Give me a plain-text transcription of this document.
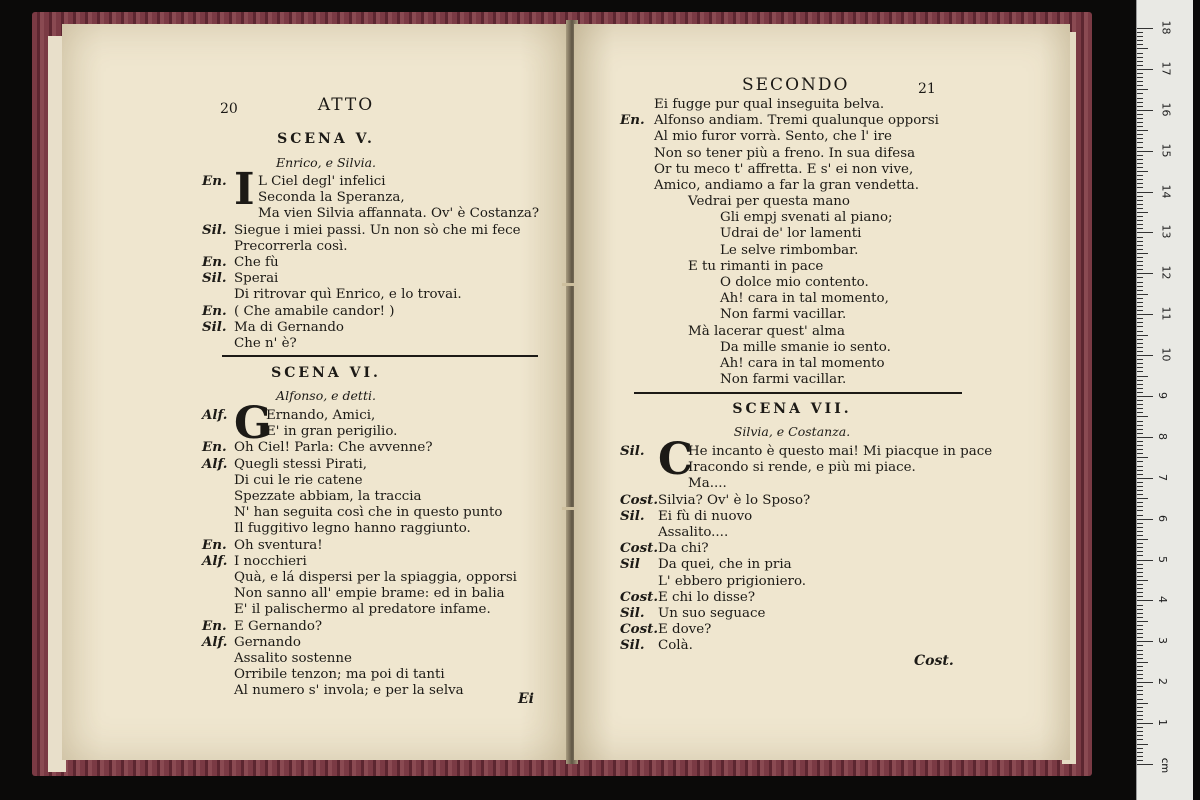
20	ATTO
SCENA V.
Enrico, e Silvia.
SCENA VI.
Alfonso, e detti.
Ei
En. I L Ciel degl' infelici
Seconda la Speranza,
Ma vien Silvia affannata. Ov' è Costanza?
Sil. Siegue i miei passi. Un non sò che mi fece
Precorrerla così.
En. Che fù
Sil. Sperai
Di ritrovar quì Enrico, e lo trovai.
En. ( Che amabile candor! )
Sil. Ma di Gernando
Che n' è?
Alf. G
Ernando, Amici,
E' in gran perigilio.
En. Oh Ciel! Parla: Che avvenne?
Alf. Quegli stessi Pirati,
Di cui le rie catene
Spezzate abbiam, la traccia
N' han seguita così che in questo punto
Il fuggitivo legno hanno raggiunto.
En. Oh sventura!
Alf. I nocchieri
Quà, e lá dispersi per la spiaggia, opporsi
Non sanno all' empie brame: ed in balia
E' il palischermo al predatore infame.
En. E Gernando?
Alf. Gernando
Assalito sostenne
Orribile tenzon; ma poi di tanti
Al numero s' invola; e per la selva
SECONDO	21
SCENA VII.
Silvia, e Costanza.
Cost.
Ei fugge pur qual inseguita belva.
En. Alfonso andiam. Tremi qualunque opporsi
Al mio furor vorrà. Sento, che l' ire
Non so tener più a freno. In sua difesa
Or tu meco t' affretta. E s' ei non vive,
Amico, andiamo a far la gran vendetta.
Vedrai per questa mano
Gli empj svenati al piano;
Udrai de' lor lamenti
Le selve rimbombar.
E tu rimanti in pace
O dolce mio contento.
Ah! cara in tal momento,
Non farmi vacillar.
Mà lacerar quest' alma
Da mille smanie io sento.
Ah! cara in tal momento
Non farmi vacillar.
Sil. C
He incanto è questo mai! Mi piacque in pace
Iracondo si rende, e più mi piace.
Ma....
Cost. Silvia? Ov' è lo Sposo?
Sil. Ei fù di nuovo
Assalito....
Cost. Da chi?
Sil Da quei, che in pria
L' ebbero prigioniero.
Cost. E chi lo disse?
Sil. Un suo seguace
Cost. E dove?
Sil. Colà.
cm
1
2
3
4
5
6
7
8
9
10
11
12
13
14
15
16
17
18
